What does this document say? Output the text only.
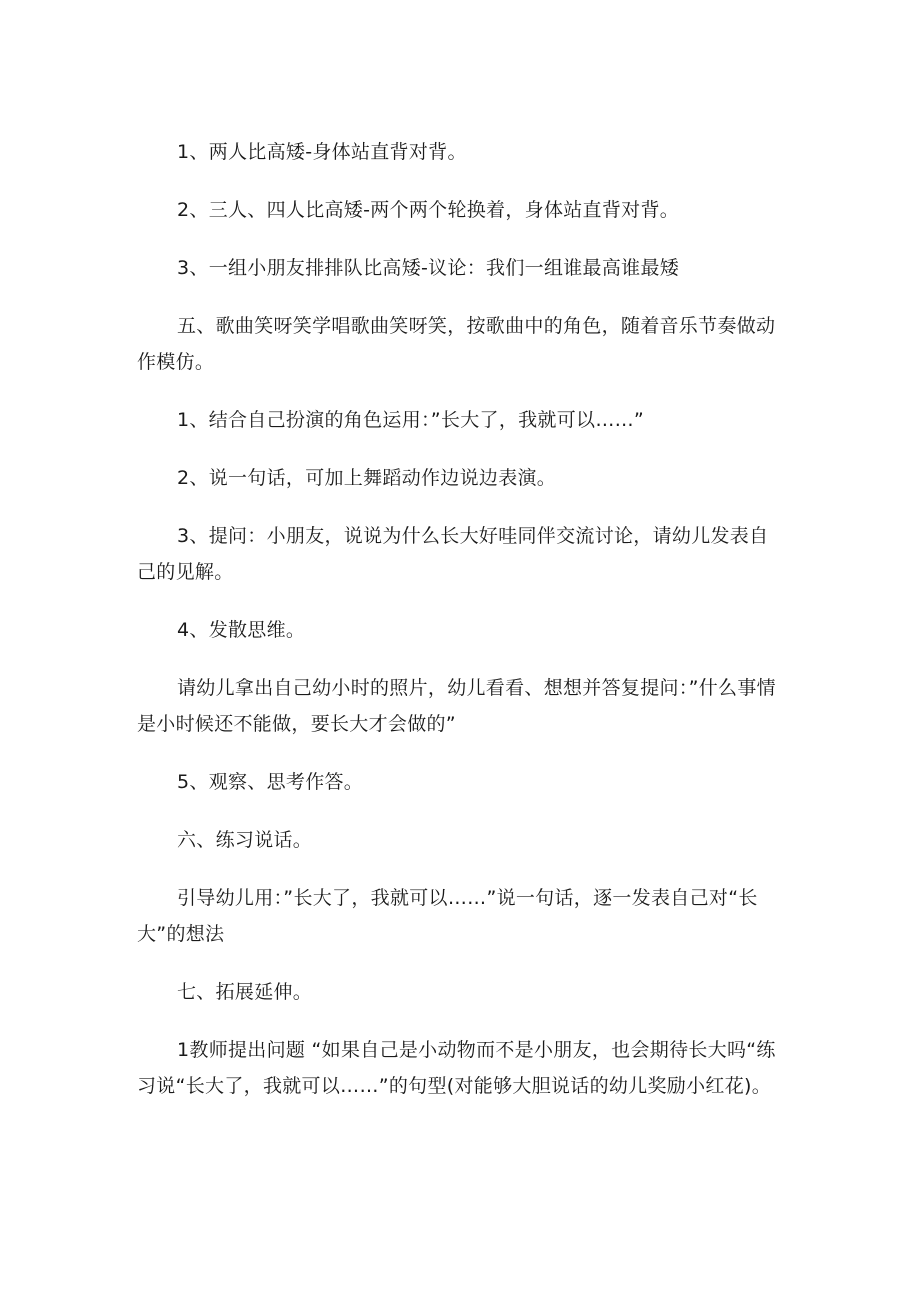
1、两人比高矮-身体站直背对背。

2、三人、四人比高矮-两个两个轮换着，身体站直背对背。

3、一组小朋友排排队比高矮-议论：我们一组谁最高谁最矮

五、歌曲笑呀笑学唱歌曲笑呀笑，按歌曲中的角色，随着音乐节奏做动作模仿。

1、结合自己扮演的角色运用：”长大了，我就可以……”

2、说一句话，可加上舞蹈动作边说边表演。

3、提问：小朋友，说说为什么长大好哇同伴交流讨论，请幼儿发表自己的见解。

4、发散思维。

请幼儿拿出自己幼小时的照片，幼儿看看、想想并答复提问：”什么事情是小时候还不能做，要长大才会做的”

5、观察、思考作答。

六、练习说话。

引导幼儿用：”长大了，我就可以……”说一句话，逐一发表自己对“长大”的想法

七、拓展延伸。

1教师提出问题 “如果自己是小动物而不是小朋友，也会期待长大吗“练习说“长大了，我就可以……”的句型(对能够大胆说话的幼儿奖励小红花)。
